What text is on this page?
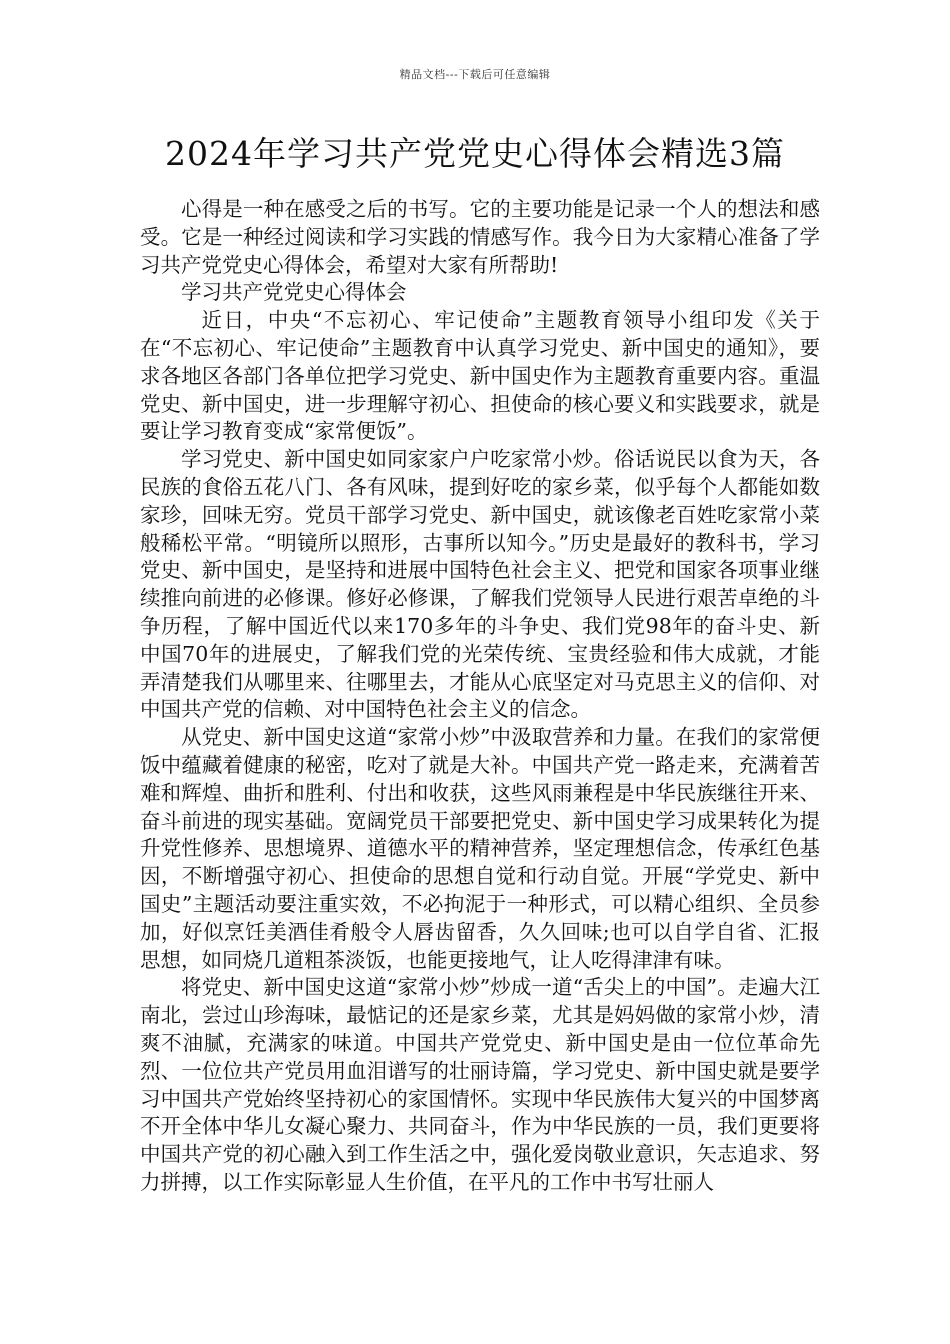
精品文档---下载后可任意编辑
2024年学习共产党党史心得体会精选3篇

心得是一种在感受之后的书写。它的主要功能是记录一个人的想法和感受。它是一种经过阅读和学习实践的情感写作。我今日为大家精心准备了学习共产党党史心得体会，希望对大家有所帮助!

学习共产党党史心得体会

近日，中央“不忘初心、牢记使命”主题教育领导小组印发《关于在“不忘初心、牢记使命”主题教育中认真学习党史、新中国史的通知》，要求各地区各部门各单位把学习党史、新中国史作为主题教育重要内容。重温党史、新中国史，进一步理解守初心、担使命的核心要义和实践要求，就是要让学习教育变成“家常便饭”。

学习党史、新中国史如同家家户户吃家常小炒。俗话说民以食为天，各民族的食俗五花八门、各有风味，提到好吃的家乡菜，似乎每个人都能如数家珍，回味无穷。党员干部学习党史、新中国史，就该像老百姓吃家常小菜般稀松平常。“明镜所以照形，古事所以知今。”历史是最好的教科书，学习党史、新中国史，是坚持和进展中国特色社会主义、把党和国家各项事业继续推向前进的必修课。修好必修课，了解我们党领导人民进行艰苦卓绝的斗争历程，了解中国近代以来170多年的斗争史、我们党98年的奋斗史、新中国70年的进展史，了解我们党的光荣传统、宝贵经验和伟大成就，才能弄清楚我们从哪里来、往哪里去，才能从心底坚定对马克思主义的信仰、对中国共产党的信赖、对中国特色社会主义的信念。

从党史、新中国史这道“家常小炒”中汲取营养和力量。在我们的家常便饭中蕴藏着健康的秘密，吃对了就是大补。中国共产党一路走来，充满着苦难和辉煌、曲折和胜利、付出和收获，这些风雨兼程是中华民族继往开来、奋斗前进的现实基础。宽阔党员干部要把党史、新中国史学习成果转化为提升党性修养、思想境界、道德水平的精神营养，坚定理想信念，传承红色基因，不断增强守初心、担使命的思想自觉和行动自觉。开展“学党史、新中国史”主题活动要注重实效，不必拘泥于一种形式，可以精心组织、全员参加，好似烹饪美酒佳肴般令人唇齿留香，久久回味;也可以自学自省、汇报思想，如同烧几道粗茶淡饭，也能更接地气，让人吃得津津有味。

将党史、新中国史这道“家常小炒”炒成一道“舌尖上的中国”。走遍大江南北，尝过山珍海味，最惦记的还是家乡菜，尤其是妈妈做的家常小炒，清爽不油腻，充满家的味道。中国共产党党史、新中国史是由一位位革命先烈、一位位共产党员用血泪谱写的壮丽诗篇，学习党史、新中国史就是要学习中国共产党始终坚持初心的家国情怀。实现中华民族伟大复兴的中国梦离不开全体中华儿女凝心聚力、共同奋斗，作为中华民族的一员，我们更要将中国共产党的初心融入到工作生活之中，强化爱岗敬业意识，矢志追求、努力拼搏，以工作实际彰显人生价值，在平凡的工作中书写壮丽人
